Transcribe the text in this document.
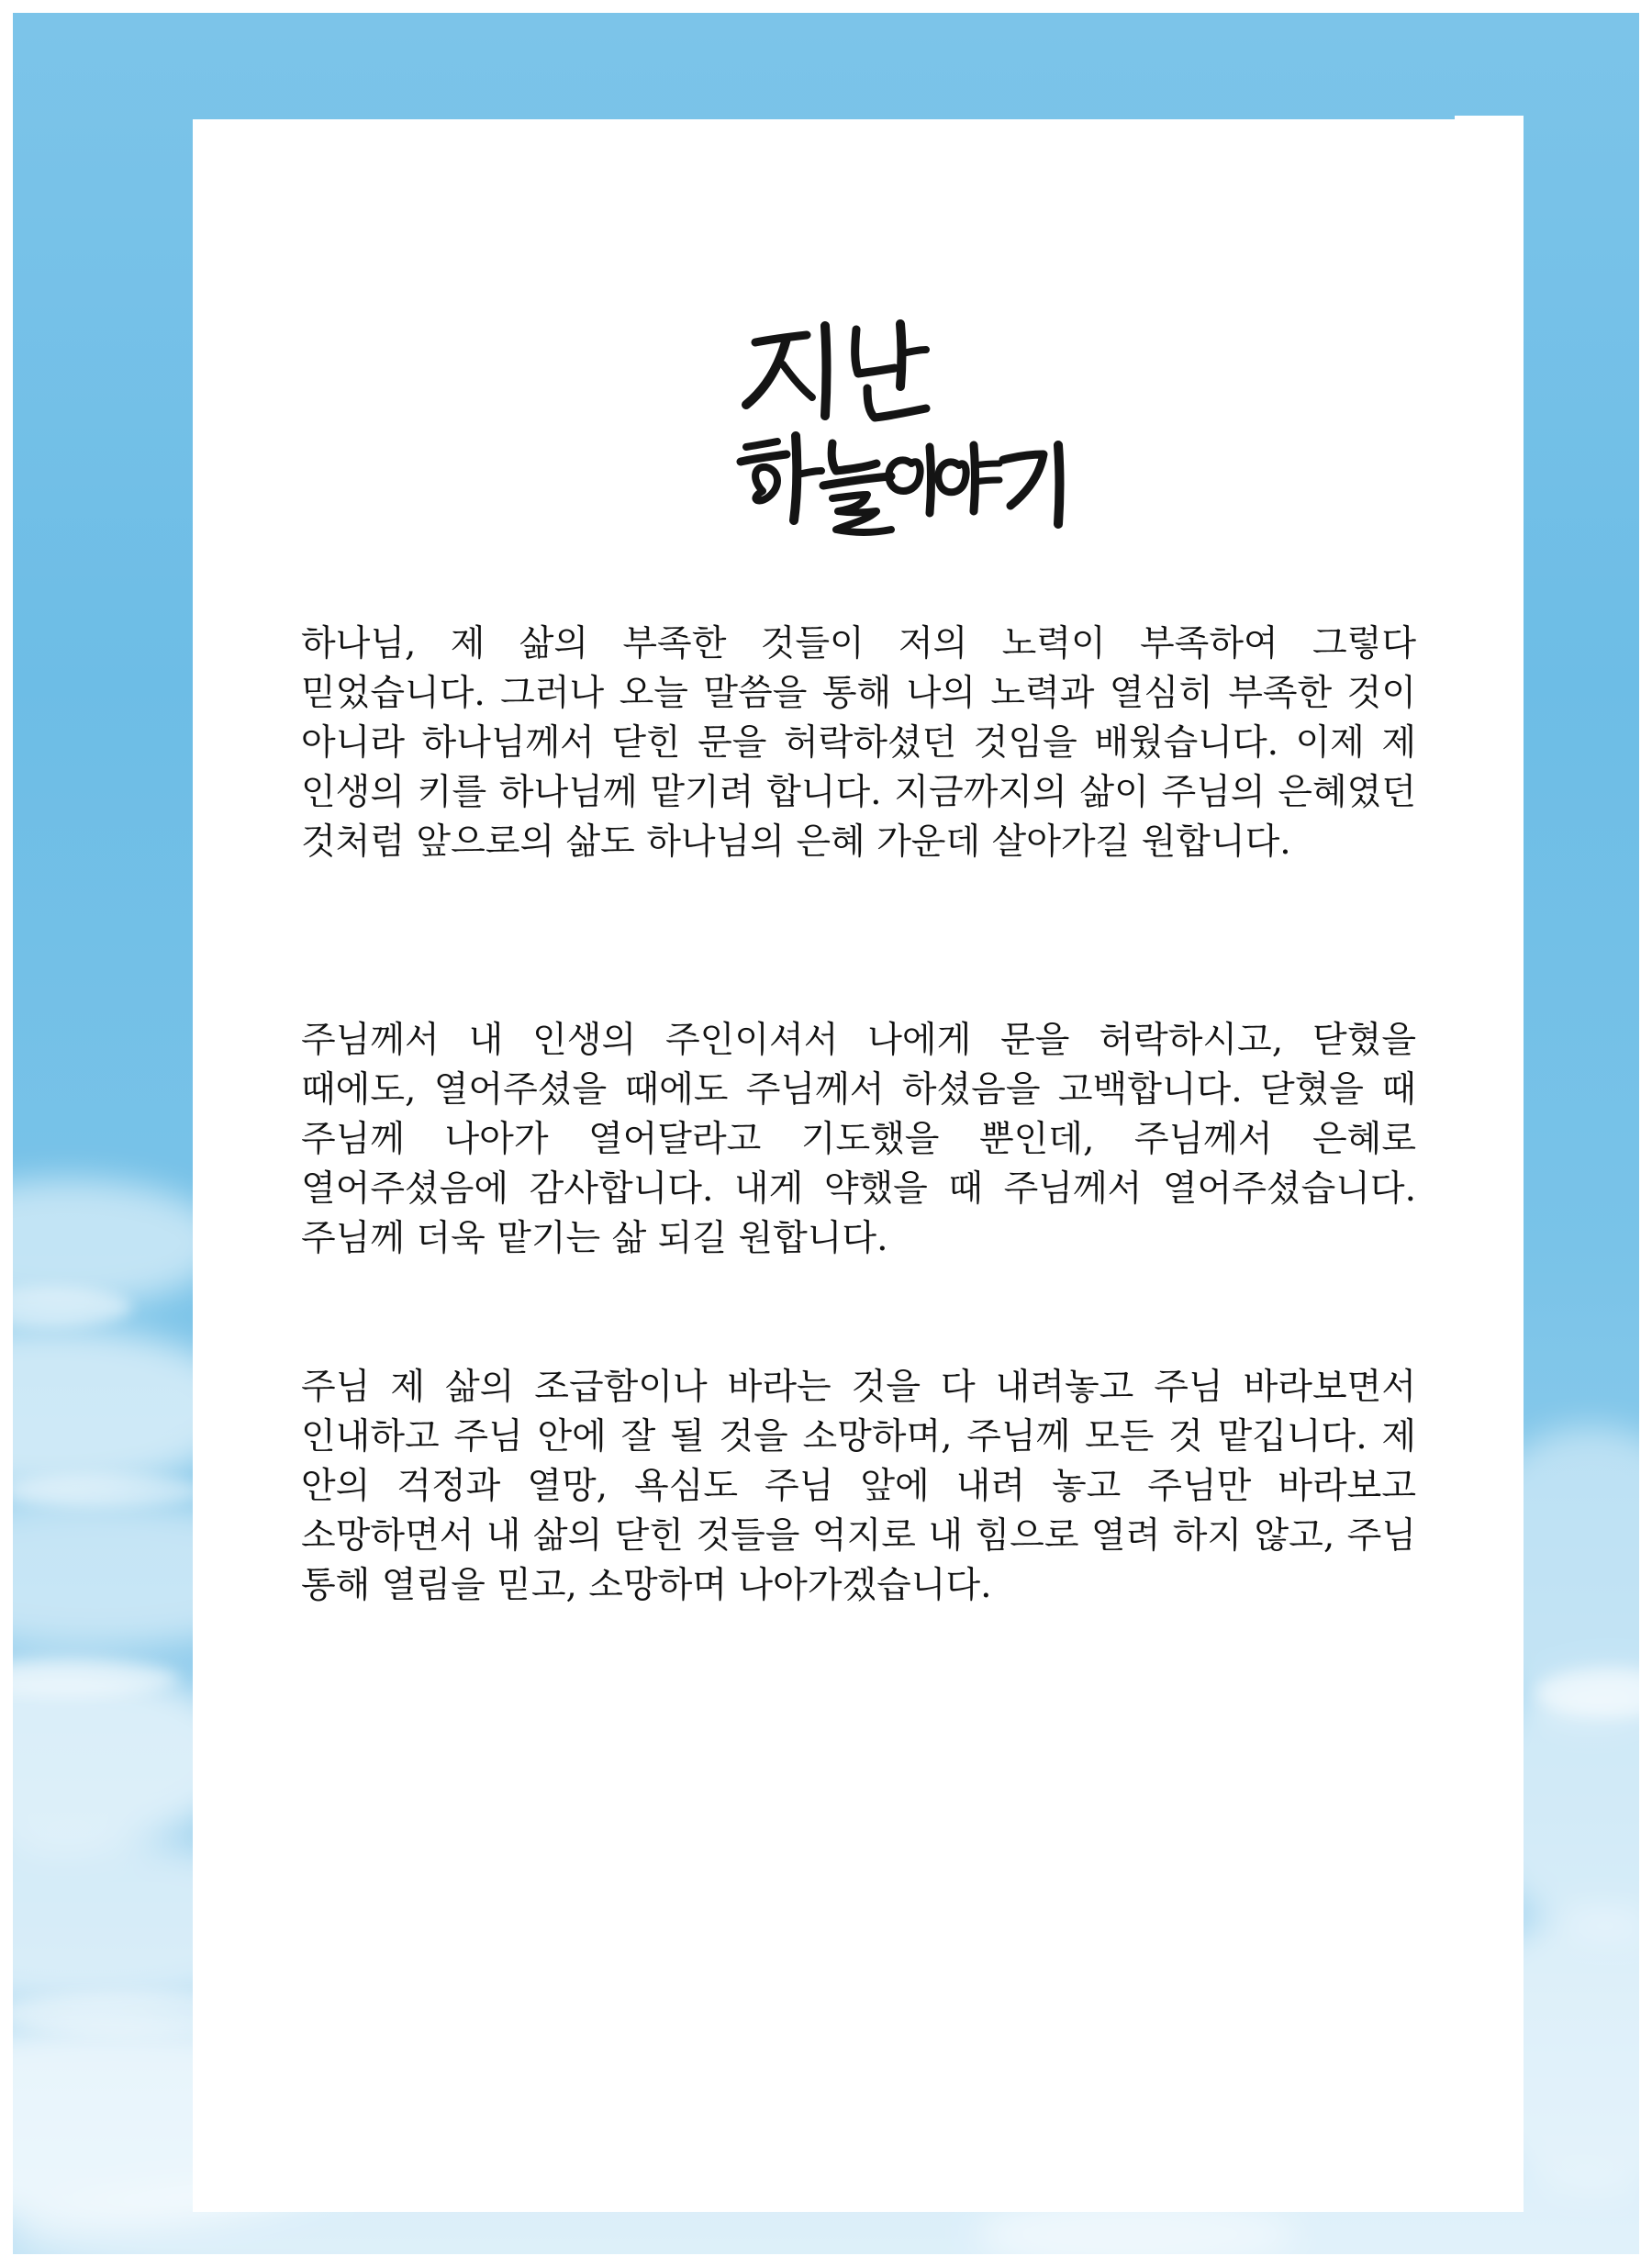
하나님, 제 삶의 부족한 것들이 저의 노력이 부족하여 그렇다 믿었습니다. 그러나 오늘 말씀을 통해 나의 노력과 열심히 부족한 것이 아니라 하나님께서 닫힌 문을 허락하셨던 것임을 배웠습니다. 이제 제 인생의 키를 하나님께 맡기려 합니다. 지금까지의 삶이 주님의 은혜였던 것처럼 앞으로의 삶도 하나님의 은혜 가운데 살아가길 원합니다.

주님께서 내 인생의 주인이셔서 나에게 문을 허락하시고, 닫혔을 때에도, 열어주셨을 때에도 주님께서 하셨음을 고백합니다. 닫혔을 때 주님께 나아가 열어달라고 기도했을 뿐인데, 주님께서 은혜로 열어주셨음에 감사합니다. 내게 약했을 때 주님께서 열어주셨습니다. 주님께 더욱 맡기는 삶 되길 원합니다.

주님 제 삶의 조급함이나 바라는 것을 다 내려놓고 주님 바라보면서 인내하고 주님 안에 잘 될 것을 소망하며, 주님께 모든 것 맡깁니다. 제 안의 걱정과 열망, 욕심도 주님 앞에 내려 놓고 주님만 바라보고 소망하면서 내 삶의 닫힌 것들을 억지로 내 힘으로 열려 하지 않고, 주님 통해 열림을 믿고, 소망하며 나아가겠습니다.
